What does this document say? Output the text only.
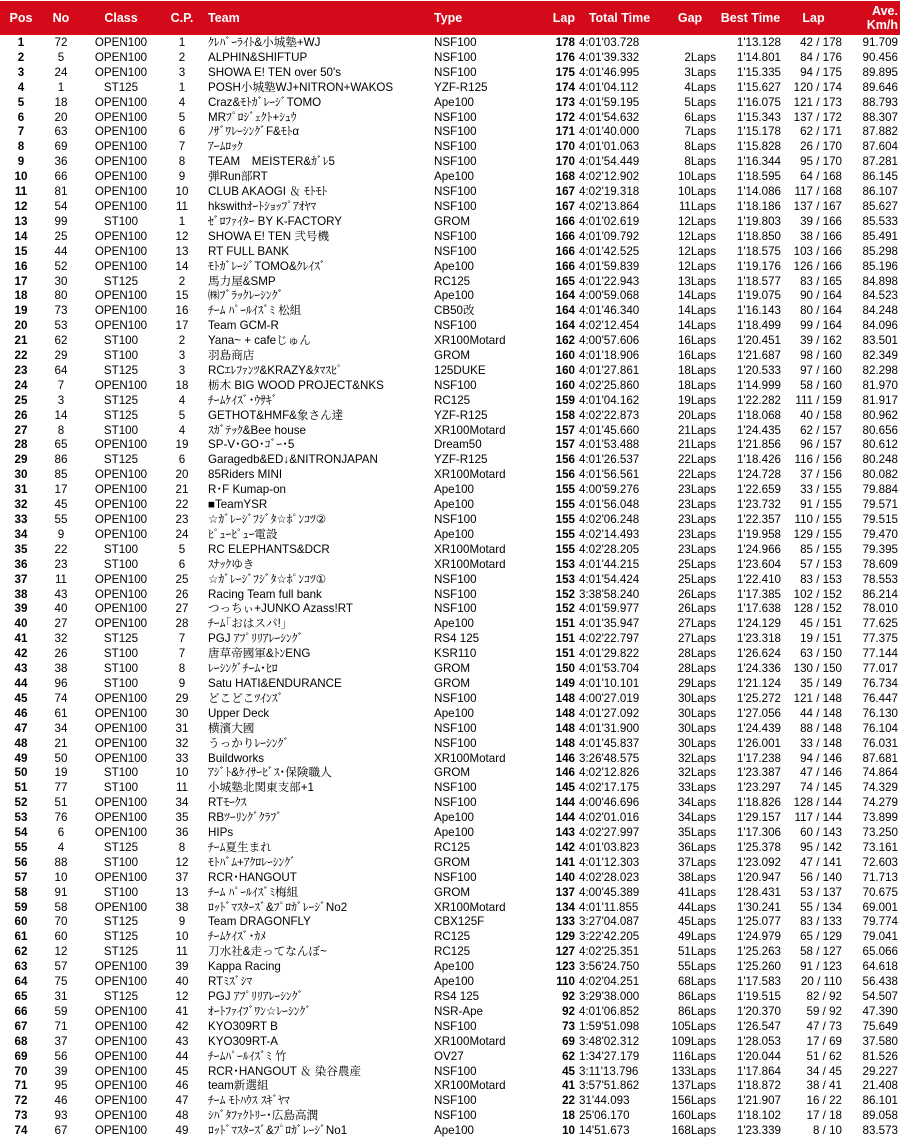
Pos	No	Class	C.P.	Team	Type	Lap	Total Time	Gap	Best Time	Lap	Ave.
Km/h

1	72	OPEN100	1	ｸﾚﾊﾞｰﾗｲﾄ&小城塾+WJ	NSF100	178	4:01'03.728		1'13.128	42 / 178	91.709
2	5	OPEN100	2	ALPHIN&SHIFTUP	NSF100	176	4:01'39.332	2Laps	1'14.801	84 / 176	90.456
3	24	OPEN100	3	SHOWA E! TEN over 50's	NSF100	175	4:01'46.995	3Laps	1'15.335	94 / 175	89.895
4	1	ST125	1	POSH小城塾WJ+NITRON+WAKOS	YZF-R125	174	4:01'04.112	4Laps	1'15.627	120 / 174	89.646
5	18	OPEN100	4	Craz&ﾓﾄｶﾞﾚｰｼﾞTOMO	Ape100	173	4:01'59.195	5Laps	1'16.075	121 / 173	88.793
6	20	OPEN100	5	MRﾌﾟﾛｼﾞｪｸﾄ+ｼｭｳ	NSF100	172	4:01'54.632	6Laps	1'15.343	137 / 172	88.307
7	63	OPEN100	6	ﾉｻﾞﾜﾚｰｼﾝｸﾞF&ﾓﾄα	NSF100	171	4:01'40.000	7Laps	1'15.178	62 / 171	87.882
8	69	OPEN100	7	ｱｰﾑﾛｯｸ	NSF100	170	4:01'01.063	8Laps	1'15.828	26 / 170	87.604
9	36	OPEN100	8	TEAM　MEISTER&ｶﾞﾚ5	NSF100	170	4:01'54.449	8Laps	1'16.344	95 / 170	87.281
10	66	OPEN100	9	弾Run部RT	Ape100	168	4:02'12.902	10Laps	1'18.595	64 / 168	86.145
11	81	OPEN100	10	CLUB AKAOGI ＆ ﾓﾄﾓﾄ	NSF100	167	4:02'19.318	10Laps	1'14.086	117 / 168	86.107
12	54	OPEN100	11	hkswithｵｰﾄｼｮｯﾌﾟｱｵﾔﾏ	NSF100	167	4:02'13.864	11Laps	1'18.186	137 / 167	85.627
13	99	ST100	1	ｾﾞﾛﾌｧｲﾀｰ BY K-FACTORY	GROM	166	4:01'02.619	12Laps	1'19.803	39 / 166	85.533
14	25	OPEN100	12	SHOWA E! TEN 弐号機	NSF100	166	4:01'09.792	12Laps	1'18.850	38 / 166	85.491
15	44	OPEN100	13	RT FULL BANK	NSF100	166	4:01'42.525	12Laps	1'18.575	103 / 166	85.298
16	52	OPEN100	14	ﾓﾄｶﾞﾚｰｼﾞTOMO&ｸﾚｲｽﾞ	Ape100	166	4:01'59.839	12Laps	1'19.176	126 / 166	85.196
17	30	ST125	2	馬力屋&SMP	RC125	165	4:01'22.943	13Laps	1'18.577	83 / 165	84.898
18	80	OPEN100	15	㈱ﾌﾞﾗｯｸﾚｰｼﾝｸﾞ	Ape100	164	4:00'59.068	14Laps	1'19.075	90 / 164	84.523
19	73	OPEN100	16	ﾁｰﾑ ﾊﾟｰﾙｲｽﾞﾐ 松組	CB50改	164	4:01'46.340	14Laps	1'16.143	80 / 164	84.248
20	53	OPEN100	17	Team GCM-R	NSF100	164	4:02'12.454	14Laps	1'18.499	99 / 164	84.096
21	62	ST100	2	Yana~ + cafeじゅん	XR100Motard	162	4:00'57.606	16Laps	1'20.451	39 / 162	83.501
22	29	ST100	3	羽島商店	GROM	160	4:01'18.906	16Laps	1'21.687	98 / 160	82.349
23	64	ST125	3	RCｴﾚﾌｧﾝﾂ&KRAZY&ﾀﾏｽﾋﾟ	125DUKE	160	4:01'27.861	18Laps	1'20.533	97 / 160	82.298
24	7	OPEN100	18	栃木 BIG WOOD PROJECT&NKS	NSF100	160	4:02'25.860	18Laps	1'14.999	58 / 160	81.970
25	3	ST125	4	ﾁｰﾑｹｲｽﾞ･ｳｻｷﾞ	RC125	159	4:01'04.162	19Laps	1'22.282	111 / 159	81.917
26	14	ST125	5	GETHOT&HMF&象さん達	YZF-R125	158	4:02'22.873	20Laps	1'18.068	40 / 158	80.962
27	8	ST100	4	ｽｶﾞﾃｯｸ&Bee house	XR100Motard	157	4:01'45.660	21Laps	1'24.435	62 / 157	80.656
28	65	OPEN100	19	SP-V･GO･ｺﾞｰ･5	Dream50	157	4:01'53.488	21Laps	1'21.856	96 / 157	80.612
29	86	ST125	6	Garagedb&ED↓&NITRONJAPAN	YZF-R125	156	4:01'26.537	22Laps	1'18.426	116 / 156	80.248
30	85	OPEN100	20	85Riders MINI	XR100Motard	156	4:01'56.561	22Laps	1'24.728	37 / 156	80.082
31	17	OPEN100	21	R･F Kumap-on	Ape100	155	4:00'59.276	23Laps	1'22.659	33 / 155	79.884
32	45	OPEN100	22	■TeamYSR	Ape100	155	4:01'56.048	23Laps	1'23.732	91 / 155	79.571
33	55	OPEN100	23	☆ｶﾞﾚｰｼﾞﾌｼﾞﾀ☆ﾎﾟﾝｺﾂ②	NSF100	155	4:02'06.248	23Laps	1'22.357	110 / 155	79.515
34	9	OPEN100	24	ﾋﾟｭｰﾋﾟｭｰ電設	Ape100	155	4:02'14.493	23Laps	1'19.958	129 / 155	79.470
35	22	ST100	5	RC ELEPHANTS&DCR	XR100Motard	155	4:02'28.205	23Laps	1'24.966	85 / 155	79.395
36	23	ST100	6	ｽﾅｯｸゆき	XR100Motard	153	4:01'44.215	25Laps	1'23.604	57 / 153	78.609
37	11	OPEN100	25	☆ｶﾞﾚｰｼﾞﾌｼﾞﾀ☆ﾎﾟﾝｺﾂ①	NSF100	153	4:01'54.424	25Laps	1'22.410	83 / 153	78.553
38	43	OPEN100	26	Racing Team full bank	NSF100	152	3:38'58.240	26Laps	1'17.385	102 / 152	86.214
39	40	OPEN100	27	つっちぃ+JUNKO Azass!RT	NSF100	152	4:01'59.977	26Laps	1'17.638	128 / 152	78.010
40	27	OPEN100	28	ﾁｰﾑ｢おはスパ!｣	Ape100	151	4:01'35.947	27Laps	1'24.129	45 / 151	77.625
41	32	ST125	7	PGJ ｱﾌﾟﾘﾘｱﾚｰｼﾝｸﾞ	RS4 125	151	4:02'22.797	27Laps	1'23.318	19 / 151	77.375
42	26	ST100	7	唐草帝國軍&ﾄﾝENG	KSR110	151	4:01'29.822	28Laps	1'26.624	63 / 150	77.144
43	38	ST100	8	ﾚｰｼﾝｸﾞﾁｰﾑ･ﾋﾛ	GROM	150	4:01'53.704	28Laps	1'24.336	130 / 150	77.017
44	96	ST100	9	Satu HATI&ENDURANCE	GROM	149	4:01'10.101	29Laps	1'21.124	35 / 149	76.734
45	74	OPEN100	29	どこどこﾂｲﾝｽﾞ	NSF100	148	4:00'27.019	30Laps	1'25.272	121 / 148	76.447
46	61	OPEN100	30	Upper Deck	Ape100	148	4:01'27.092	30Laps	1'27.056	44 / 148	76.130
47	34	OPEN100	31	横濱大國	NSF100	148	4:01'31.900	30Laps	1'24.439	88 / 148	76.104
48	21	OPEN100	32	うっかりﾚｰｼﾝｸﾞ	NSF100	148	4:01'45.837	30Laps	1'26.001	33 / 148	76.031
49	50	OPEN100	33	Buildworks	XR100Motard	146	3:26'48.575	32Laps	1'17.238	94 / 146	87.681
50	19	ST100	10	ｱｼﾞﾄ&ｹｲｻｰﾋﾞｽ･保険職人	GROM	146	4:02'12.826	32Laps	1'23.387	47 / 146	74.864
51	77	ST100	11	小城塾北関東支部+1	NSF100	145	4:02'17.175	33Laps	1'23.297	74 / 145	74.329
52	51	OPEN100	34	RTﾓｰｸｽ	NSF100	144	4:00'46.696	34Laps	1'18.826	128 / 144	74.279
53	76	OPEN100	35	RBﾂｰﾘﾝｸﾞｸﾗﾌﾞ	Ape100	144	4:02'01.016	34Laps	1'29.157	117 / 144	73.899
54	6	OPEN100	36	HIPs	Ape100	143	4:02'27.997	35Laps	1'17.306	60 / 143	73.250
55	4	ST125	8	ﾁｰﾑ夏生まれ	RC125	142	4:01'03.823	36Laps	1'25.378	95 / 142	73.161
56	88	ST100	12	ﾓﾄﾊﾞﾑ+ｱｸﾛﾚｰｼﾝｸﾞ	GROM	141	4:01'12.303	37Laps	1'23.092	47 / 141	72.603
57	10	OPEN100	37	RCR･HANGOUT	NSF100	140	4:02'28.023	38Laps	1'20.947	56 / 140	71.713
58	91	ST100	13	ﾁｰﾑ ﾊﾟｰﾙｲｽﾞﾐ梅組	GROM	137	4:00'45.389	41Laps	1'28.431	53 / 137	70.675
59	58	OPEN100	38	ﾛｯﾄﾞﾏｽﾀｰｽﾞ&ﾌﾟﾛｶﾞﾚｰｼﾞNo2	XR100Motard	134	4:01'11.855	44Laps	1'30.241	55 / 134	69.001
60	70	ST125	9	Team DRAGONFLY	CBX125F	133	3:27'04.087	45Laps	1'25.077	83 / 133	79.774
61	60	ST125	10	ﾁｰﾑｹｲｽﾞ･ｶﾒ	RC125	129	3:22'42.205	49Laps	1'24.979	65 / 129	79.041
62	12	ST125	11	刀水社&走ってなんぼ~	RC125	127	4:02'25.351	51Laps	1'25.263	58 / 127	65.066
63	57	OPEN100	39	Kappa Racing	Ape100	123	3:56'24.750	55Laps	1'25.260	91 / 123	64.618
64	75	OPEN100	40	RTﾐｽﾞｼﾏ	Ape100	110	4:02'04.251	68Laps	1'17.583	20 / 110	56.438
65	31	ST125	12	PGJ ｱﾌﾟﾘﾘｱﾚｰｼﾝｸﾞ	RS4 125	92	3:29'38.000	86Laps	1'19.515	82 / 92	54.507
66	59	OPEN100	41	ｵｰﾄﾌｧｲﾌﾞﾜﾝ☆ﾚｰｼﾝｸﾞ	NSR-Ape	92	4:01'06.852	86Laps	1'20.370	59 / 92	47.390
67	71	OPEN100	42	KYO309RT B	NSF100	73	1:59'51.098	105Laps	1'26.547	47 / 73	75.649
68	37	OPEN100	43	KYO309RT-A	XR100Motard	69	3:48'02.312	109Laps	1'28.053	17 / 69	37.580
69	56	OPEN100	44	ﾁｰﾑﾊﾟｰﾙｲｽﾞﾐ 竹	OV27	62	1:34'27.179	116Laps	1'20.044	51 / 62	81.526
70	39	OPEN100	45	RCR･HANGOUT ＆ 染谷農産	NSF100	45	3:11'13.796	133Laps	1'17.864	34 / 45	29.227
71	95	OPEN100	46	team新選組	XR100Motard	41	3:57'51.862	137Laps	1'18.872	38 / 41	21.408
72	46	OPEN100	47	ﾁｰﾑ ﾓﾄﾊｳｽ ｽｷﾞﾔﾏ	NSF100	22	31'44.093	156Laps	1'21.907	16 / 22	86.101
73	93	OPEN100	48	ｼﾊﾞﾀﾌｧｸﾄﾘｰ･広島高潤	NSF100	18	25'06.170	160Laps	1'18.102	17 / 18	89.058
74	67	OPEN100	49	ﾛｯﾄﾞﾏｽﾀｰｽﾞ&ﾌﾟﾛｶﾞﾚｰｼﾞNo1	Ape100	10	14'51.673	168Laps	1'23.339	8 / 10	83.573
